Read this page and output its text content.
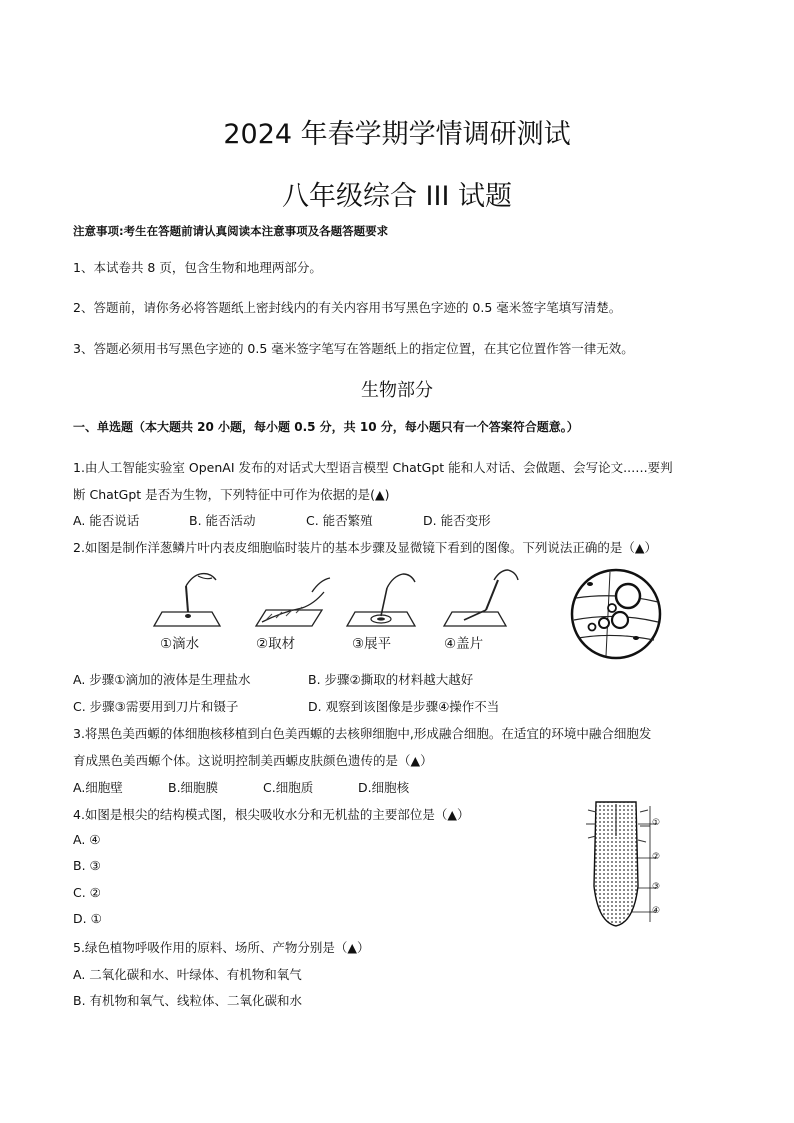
2024 年春学期学情调研测试
八年级综合 III 试题
注意事项:考生在答题前请认真阅读本注意事项及各题答题要求
1、本试卷共 8 页，包含生物和地理两部分。
2、答题前，请你务必将答题纸上密封线内的有关内容用书写黑色字迹的 0.5 毫米签字笔填写清楚。
3、答题必须用书写黑色字迹的 0.5 毫米签字笔写在答题纸上的指定位置，在其它位置作答一律无效。
生物部分
一、单选题（本大题共 20 小题，每小题 0.5 分，共 10 分，每小题只有一个答案符合题意。）
1.由人工智能实验室 OpenAI 发布的对话式大型语言模型 ChatGpt 能和人对话、会做题、会写论文..….要判
断 ChatGpt 是否为生物，下列特征中可作为依据的是(▲)
A. 能否说话	B. 能否活动	C. 能否繁殖	D. 能否变形
2.如图是制作洋葱鳞片叶内表皮细胞临时装片的基本步骤及显微镜下看到的图像。下列说法正确的是（▲）
①滴水	②取材	③展平	④盖片
A. 步骤①滴加的液体是生理盐水	B. 步骤②撕取的材料越大越好
C. 步骤③需要用到刀片和镊子	D. 观察到该图像是步骤④操作不当
3.将黑色美西螈的体细胞核移植到白色美西螈的去核卵细胞中,形成融合细胞。在适宜的环境中融合细胞发
育成黑色美西螈个体。这说明控制美西螈皮肤颜色遗传的是（▲）
A.细胞壁	B.细胞膜	C.细胞质	D.细胞核
4.如图是根尖的结构模式图，根尖吸收水分和无机盐的主要部位是（▲）
A. ④
B. ③
C. ②
D. ①
①
②
③
④
5.绿色植物呼吸作用的原料、场所、产物分别是（▲）
A. 二氧化碳和水、叶绿体、有机物和氧气
B. 有机物和氧气、线粒体、二氧化碳和水
